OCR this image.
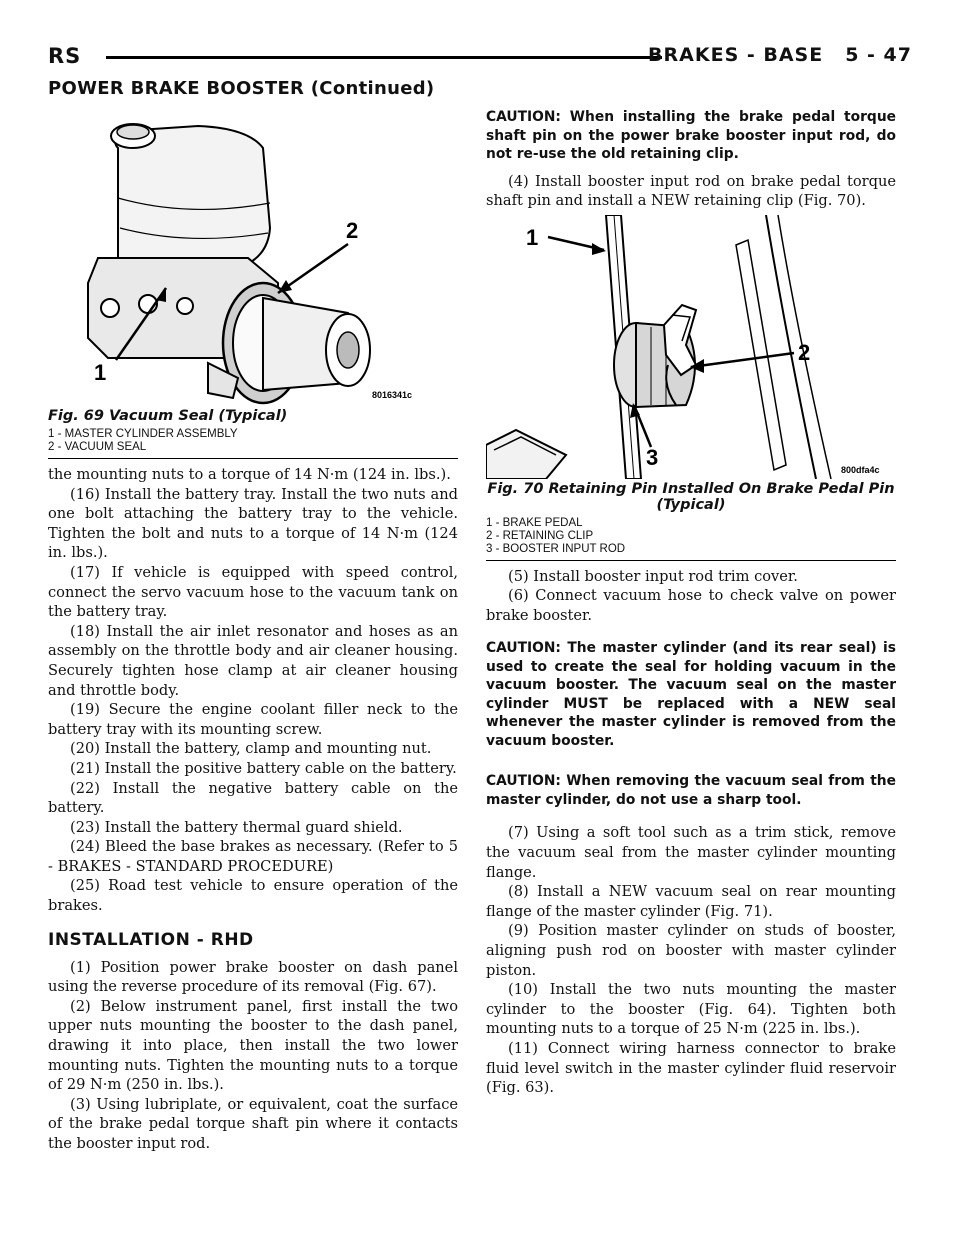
RS	BRAKES - BASE 5 - 47
POWER BRAKE BOOSTER (Continued)
2
1
8016341c
Fig. 69 Vacuum Seal (Typical)
1 - MASTER CYLINDER ASSEMBLY
2 - VACUUM SEAL

the mounting nuts to a torque of 14 N·m (124 in. lbs.).

(16) Install the battery tray. Install the two nuts and one bolt attaching the battery tray to the vehicle. Tighten the bolt and nuts to a torque of 14 N·m (124 in. lbs.).

(17) If vehicle is equipped with speed control, connect the servo vacuum hose to the vacuum tank on the battery tray.

(18) Install the air inlet resonator and hoses as an assembly on the throttle body and air cleaner housing. Securely tighten hose clamp at air cleaner housing and throttle body.

(19) Secure the engine coolant filler neck to the battery tray with its mounting screw.

(20) Install the battery, clamp and mounting nut.

(21) Install the positive battery cable on the battery.

(22) Install the negative battery cable on the battery.

(23) Install the battery thermal guard shield.

(24) Bleed the base brakes as necessary. (Refer to 5 - BRAKES - STANDARD PROCEDURE)

(25) Road test vehicle to ensure operation of the brakes.

INSTALLATION - RHD

(1) Position power brake booster on dash panel using the reverse procedure of its removal (Fig. 67).

(2) Below instrument panel, first install the two upper nuts mounting the booster to the dash panel, drawing it into place, then install the two lower mounting nuts. Tighten the mounting nuts to a torque of 29 N·m (250 in. lbs.).

(3) Using lubriplate, or equivalent, coat the surface of the brake pedal torque shaft pin where it contacts the booster input rod.

CAUTION: When installing the brake pedal torque shaft pin on the power brake booster input rod, do not re-use the old retaining clip.

(4) Install booster input rod on brake pedal torque shaft pin and install a NEW retaining clip (Fig. 70).

1
2
3	800dfa4c
Fig. 70 Retaining Pin Installed On Brake Pedal Pin (Typical)
1 - BRAKE PEDAL
2 - RETAINING CLIP
3 - BOOSTER INPUT ROD

(5) Install booster input rod trim cover.

(6) Connect vacuum hose to check valve on power brake booster.

CAUTION: The master cylinder (and its rear seal) is used to create the seal for holding vacuum in the vacuum booster. The vacuum seal on the master cylinder MUST be replaced with a NEW seal whenever the master cylinder is removed from the vacuum booster.

CAUTION: When removing the vacuum seal from the master cylinder, do not use a sharp tool.

(7) Using a soft tool such as a trim stick, remove the vacuum seal from the master cylinder mounting flange.

(8) Install a NEW vacuum seal on rear mounting flange of the master cylinder (Fig. 71).

(9) Position master cylinder on studs of booster, aligning push rod on booster with master cylinder piston.

(10) Install the two nuts mounting the master cylinder to the booster (Fig. 64). Tighten both mounting nuts to a torque of 25 N·m (225 in. lbs.).

(11) Connect wiring harness connector to brake fluid level switch in the master cylinder fluid reservoir (Fig. 63).
